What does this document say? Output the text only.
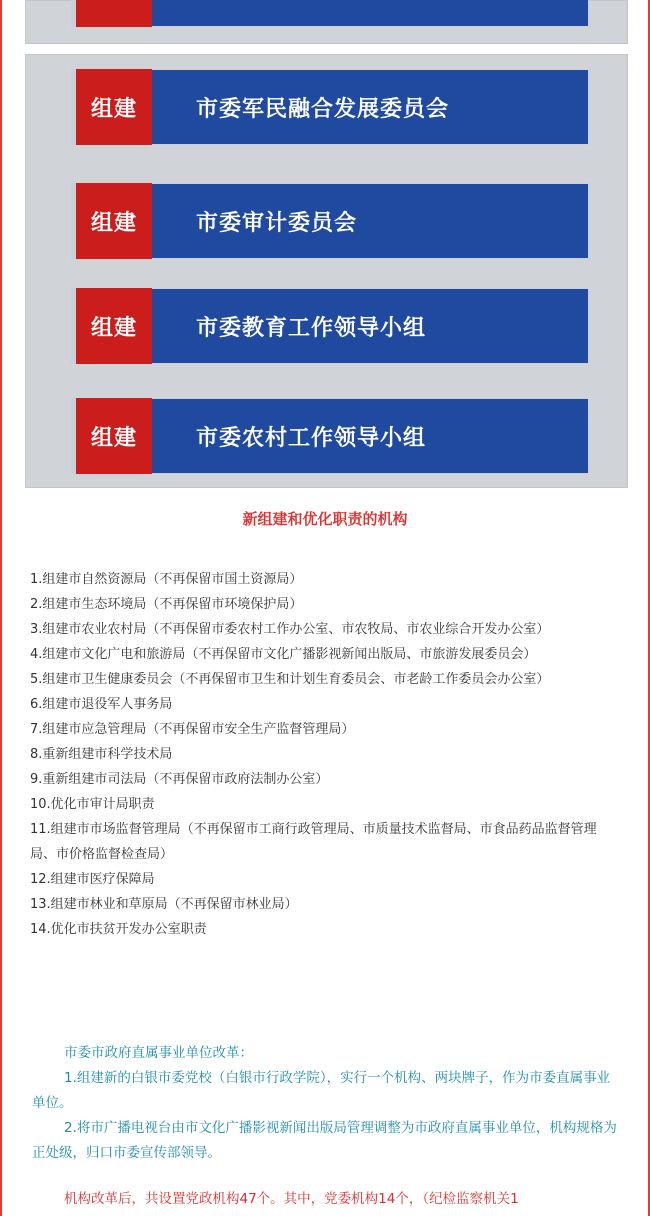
组建	市委军民融合发展委员会
组建	市委审计委员会
组建	市委教育工作领导小组
组建	市委农村工作领导小组
新组建和优化职责的机构

1.组建市自然资源局（不再保留市国土资源局）

2.组建市生态环境局（不再保留市环境保护局）

3.组建市农业农村局（不再保留市委农村工作办公室、市农牧局、市农业综合开发办公室）

4.组建市文化广电和旅游局（不再保留市文化广播影视新闻出版局、市旅游发展委员会）

5.组建市卫生健康委员会（不再保留市卫生和计划生育委员会、市老龄工作委员会办公室）

6.组建市退役军人事务局

7.组建市应急管理局（不再保留市安全生产监督管理局）

8.重新组建市科学技术局

9.重新组建市司法局（不再保留市政府法制办公室）

10.优化市审计局职责

11.组建市市场监督管理局（不再保留市工商行政管理局、市质量技术监督局、市食品药品监督管理局、市价格监督检查局）

12.组建市医疗保障局

13.组建市林业和草原局（不再保留市林业局）

14.优化市扶贫开发办公室职责

市委市政府直属事业单位改革：
1.组建新的白银市委党校（白银市行政学院），实行一个机构、两块牌子，作为市委直属事业单位。
2.将市广播电视台由市文化广播影视新闻出版局管理调整为市政府直属事业单位，机构规格为正处级，归口市委宣传部领导。
机构改革后，共设置党政机构47个。其中，党委机构14个，（纪检监察机关1
